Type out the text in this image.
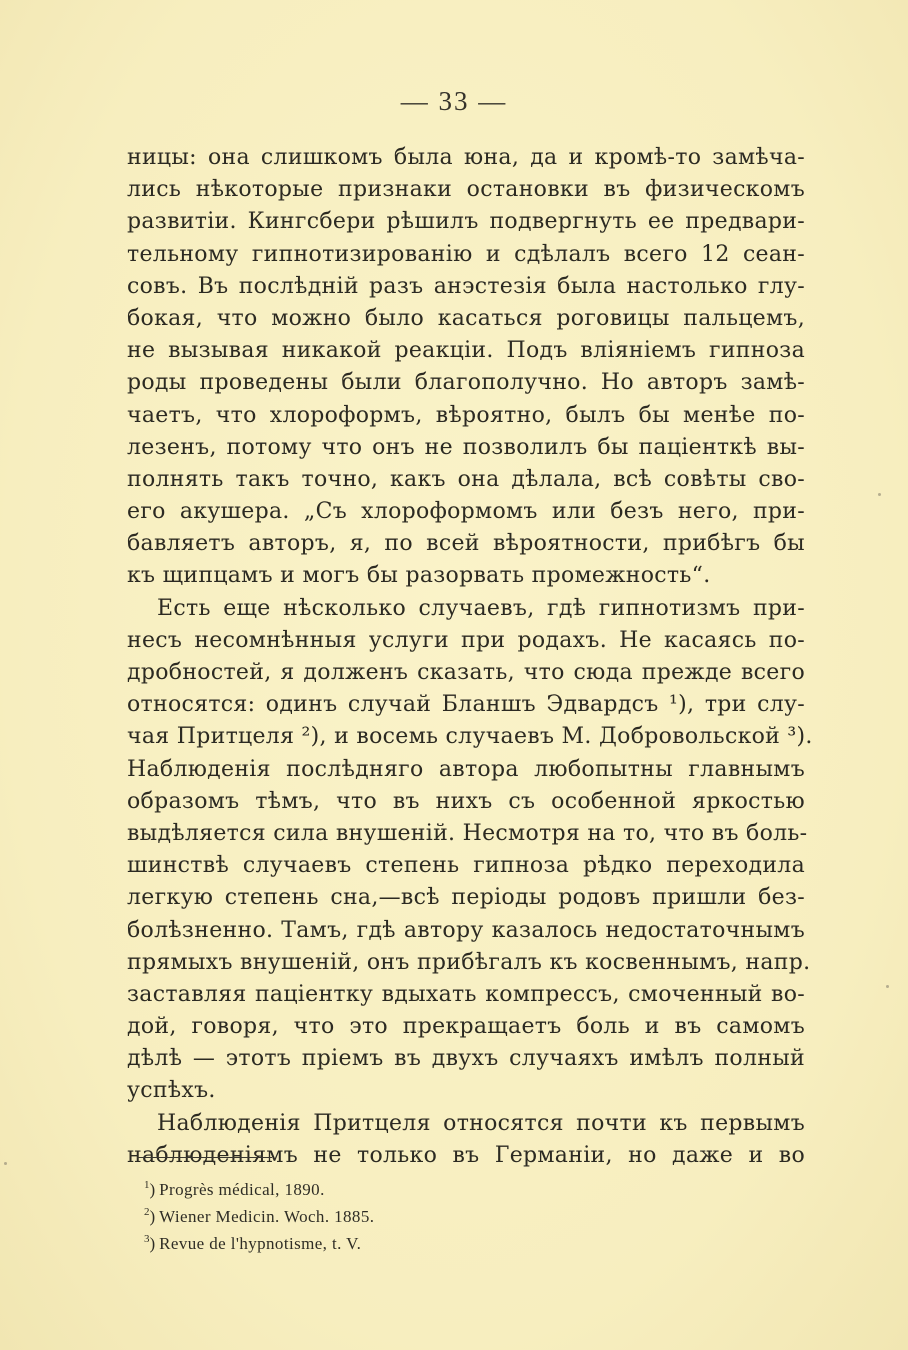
— 33 —
ницы: она слишкомъ была юна, да и кромѣ-то замѣча-
лись нѣкоторые признаки остановки въ физическомъ
развитiи. Кингсбери рѣшилъ подвергнуть ее предвари-
тельному гипнотизированiю и сдѣлалъ всего 12 сеан-
совъ. Въ послѣднiй разъ анэстезiя была настолько глу-
бокая, что можно было касаться роговицы пальцемъ,
не вызывая никакой реакцiи. Подъ влiянiемъ гипноза
роды проведены были благополучно. Но авторъ замѣ-
чаетъ, что хлороформъ, вѣроятно, былъ бы менѣе по-
лезенъ, потому что онъ не позволилъ бы пацiенткѣ вы-
полнять такъ точно, какъ она дѣлала, всѣ совѣты сво-
его акушера. „Съ хлороформомъ или безъ него, при-
бавляетъ авторъ, я, по всей вѣроятности, прибѣгъ бы
къ щипцамъ и могъ бы разорвать промежность“.
Есть еще нѣсколько случаевъ, гдѣ гипнотизмъ при-
несъ несомнѣнныя услуги при родахъ. Не касаясь по-
дробностей, я долженъ сказать, что сюда прежде всего
относятся: одинъ случай Бланшъ Эдвардсъ ¹), три слу-
чая Притцеля ²), и восемь случаевъ М. Добровольской ³).
Наблюденiя послѣдняго автора любопытны главнымъ
образомъ тѣмъ, что въ нихъ съ особенной яркостью
выдѣляется сила внушенiй. Несмотря на то, что въ боль-
шинствѣ случаевъ степень гипноза рѣдко переходила
легкую степень сна,—всѣ перiоды родовъ пришли без-
болѣзненно. Тамъ, гдѣ автору казалось недостаточнымъ
прямыхъ внушенiй, онъ прибѣгалъ къ косвеннымъ, напр.
заставляя пацiентку вдыхать компрессъ, смоченный во-
дой, говоря, что это прекращаетъ боль и въ самомъ
дѣлѣ — этотъ прiемъ въ двухъ случаяхъ имѣлъ полный
успѣхъ.
Наблюденiя Притцеля относятся почти къ первымъ
наблюденiямъ не только въ Германiи, но даже и во
$^1$) Progrès médical, 1890.
$^2$) Wiener Medicin. Woch. 1885.
$^3$) Revue de l'hypnotisme, t. V.
